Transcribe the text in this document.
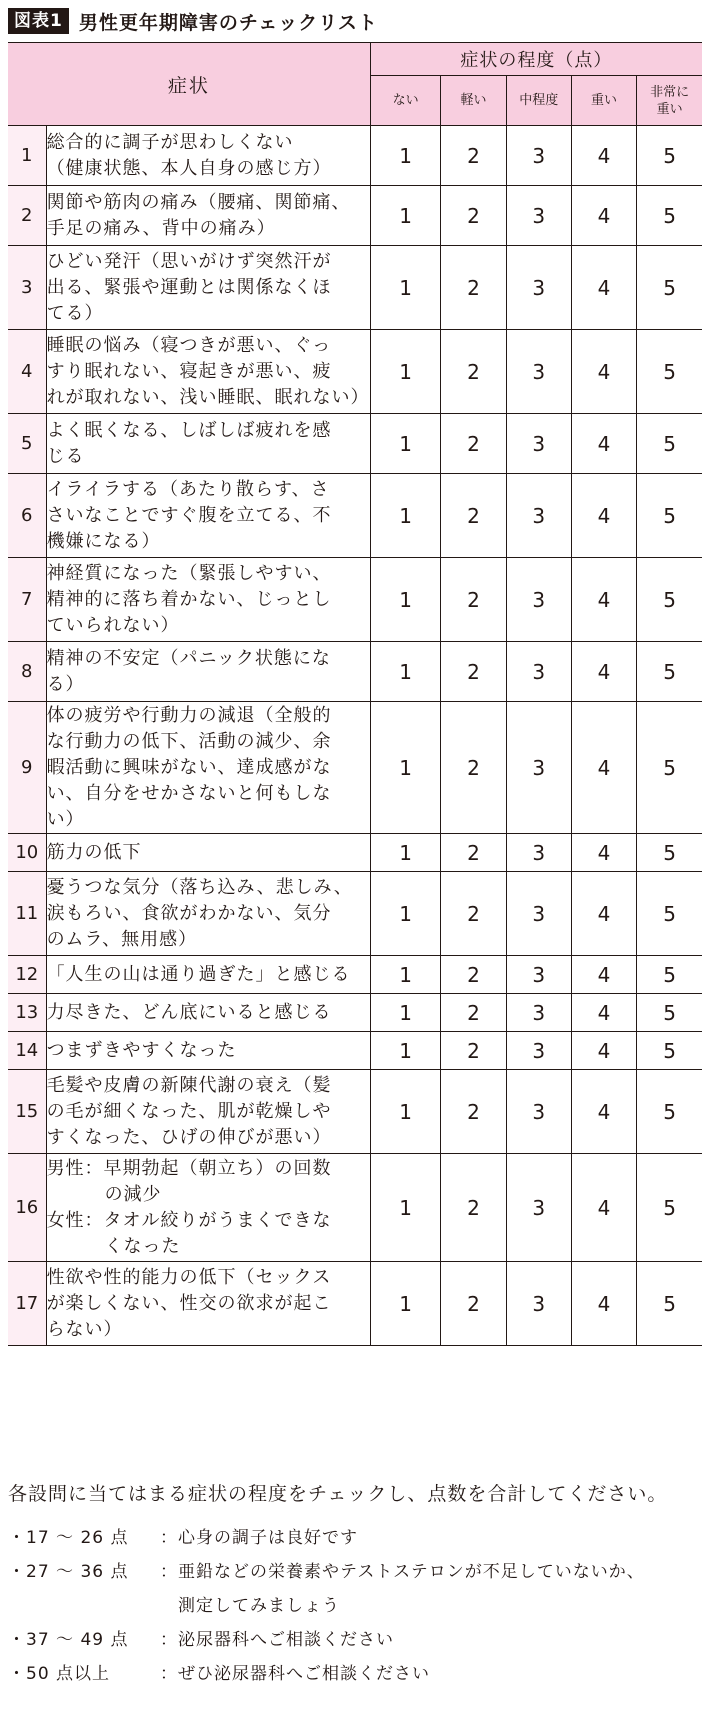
図表1 男性更年期障害のチェックリスト
症状		症状の程度（点）				
		ない	軽い	中程度	重い	非常に重い
1	総合的に調子が思わしくない
（健康状態、本人自身の感じ方）	1	2	3	4	5
2	関節や筋肉の痛み（腰痛、関節痛、
手足の痛み、背中の痛み）	1	2	3	4	5
3	ひどい発汗（思いがけず突然汗が
出る、緊張や運動とは関係なくほ
てる）	1	2	3	4	5
4	睡眠の悩み（寝つきが悪い、ぐっ
すり眠れない、寝起きが悪い、疲
れが取れない、浅い睡眠、眠れない）	1	2	3	4	5
5	よく眠くなる、しばしば疲れを感
じる	1	2	3	4	5
6	イライラする（あたり散らす、さ
さいなことですぐ腹を立てる、不
機嫌になる）	1	2	3	4	5
7	神経質になった（緊張しやすい、
精神的に落ち着かない、じっとし
ていられない）	1	2	3	4	5
8	精神の不安定（パニック状態にな
る）	1	2	3	4	5
9	体の疲労や行動力の減退（全般的
な行動力の低下、活動の減少、余
暇活動に興味がない、達成感がな
い、自分をせかさないと何もしな
い）	1	2	3	4	5
10	筋力の低下	1	2	3	4	5
11	憂うつな気分（落ち込み、悲しみ、
涙もろい、食欲がわかない、気分
のムラ、無用感）	1	2	3	4	5
12	「人生の山は通り過ぎた」と感じる	1	2	3	4	5
13	力尽きた、どん底にいると感じる	1	2	3	4	5
14	つまずきやすくなった	1	2	3	4	5
15	毛髪や皮膚の新陳代謝の衰え（髪
の毛が細くなった、肌が乾燥しや
すくなった、ひげの伸びが悪い）	1	2	3	4	5
16	男性：早期勃起（朝立ち）の回数
の減少
女性：タオル絞りがうまくできな
くなった	1	2	3	4	5
17	性欲や性的能力の低下（セックス
が楽しくない、性交の欲求が起こ
らない）	1	2	3	4	5
各設問に当てはまる症状の程度をチェックし、点数を合計してください。
・17 ～ 26 点	：心身の調子は良好です
・27 ～ 36 点	：亜鉛などの栄養素やテストステロンが不足していないか、
　測定してみましょう
・37 ～ 49 点	：泌尿器科へご相談ください
・50 点以上	：ぜひ泌尿器科へご相談ください
